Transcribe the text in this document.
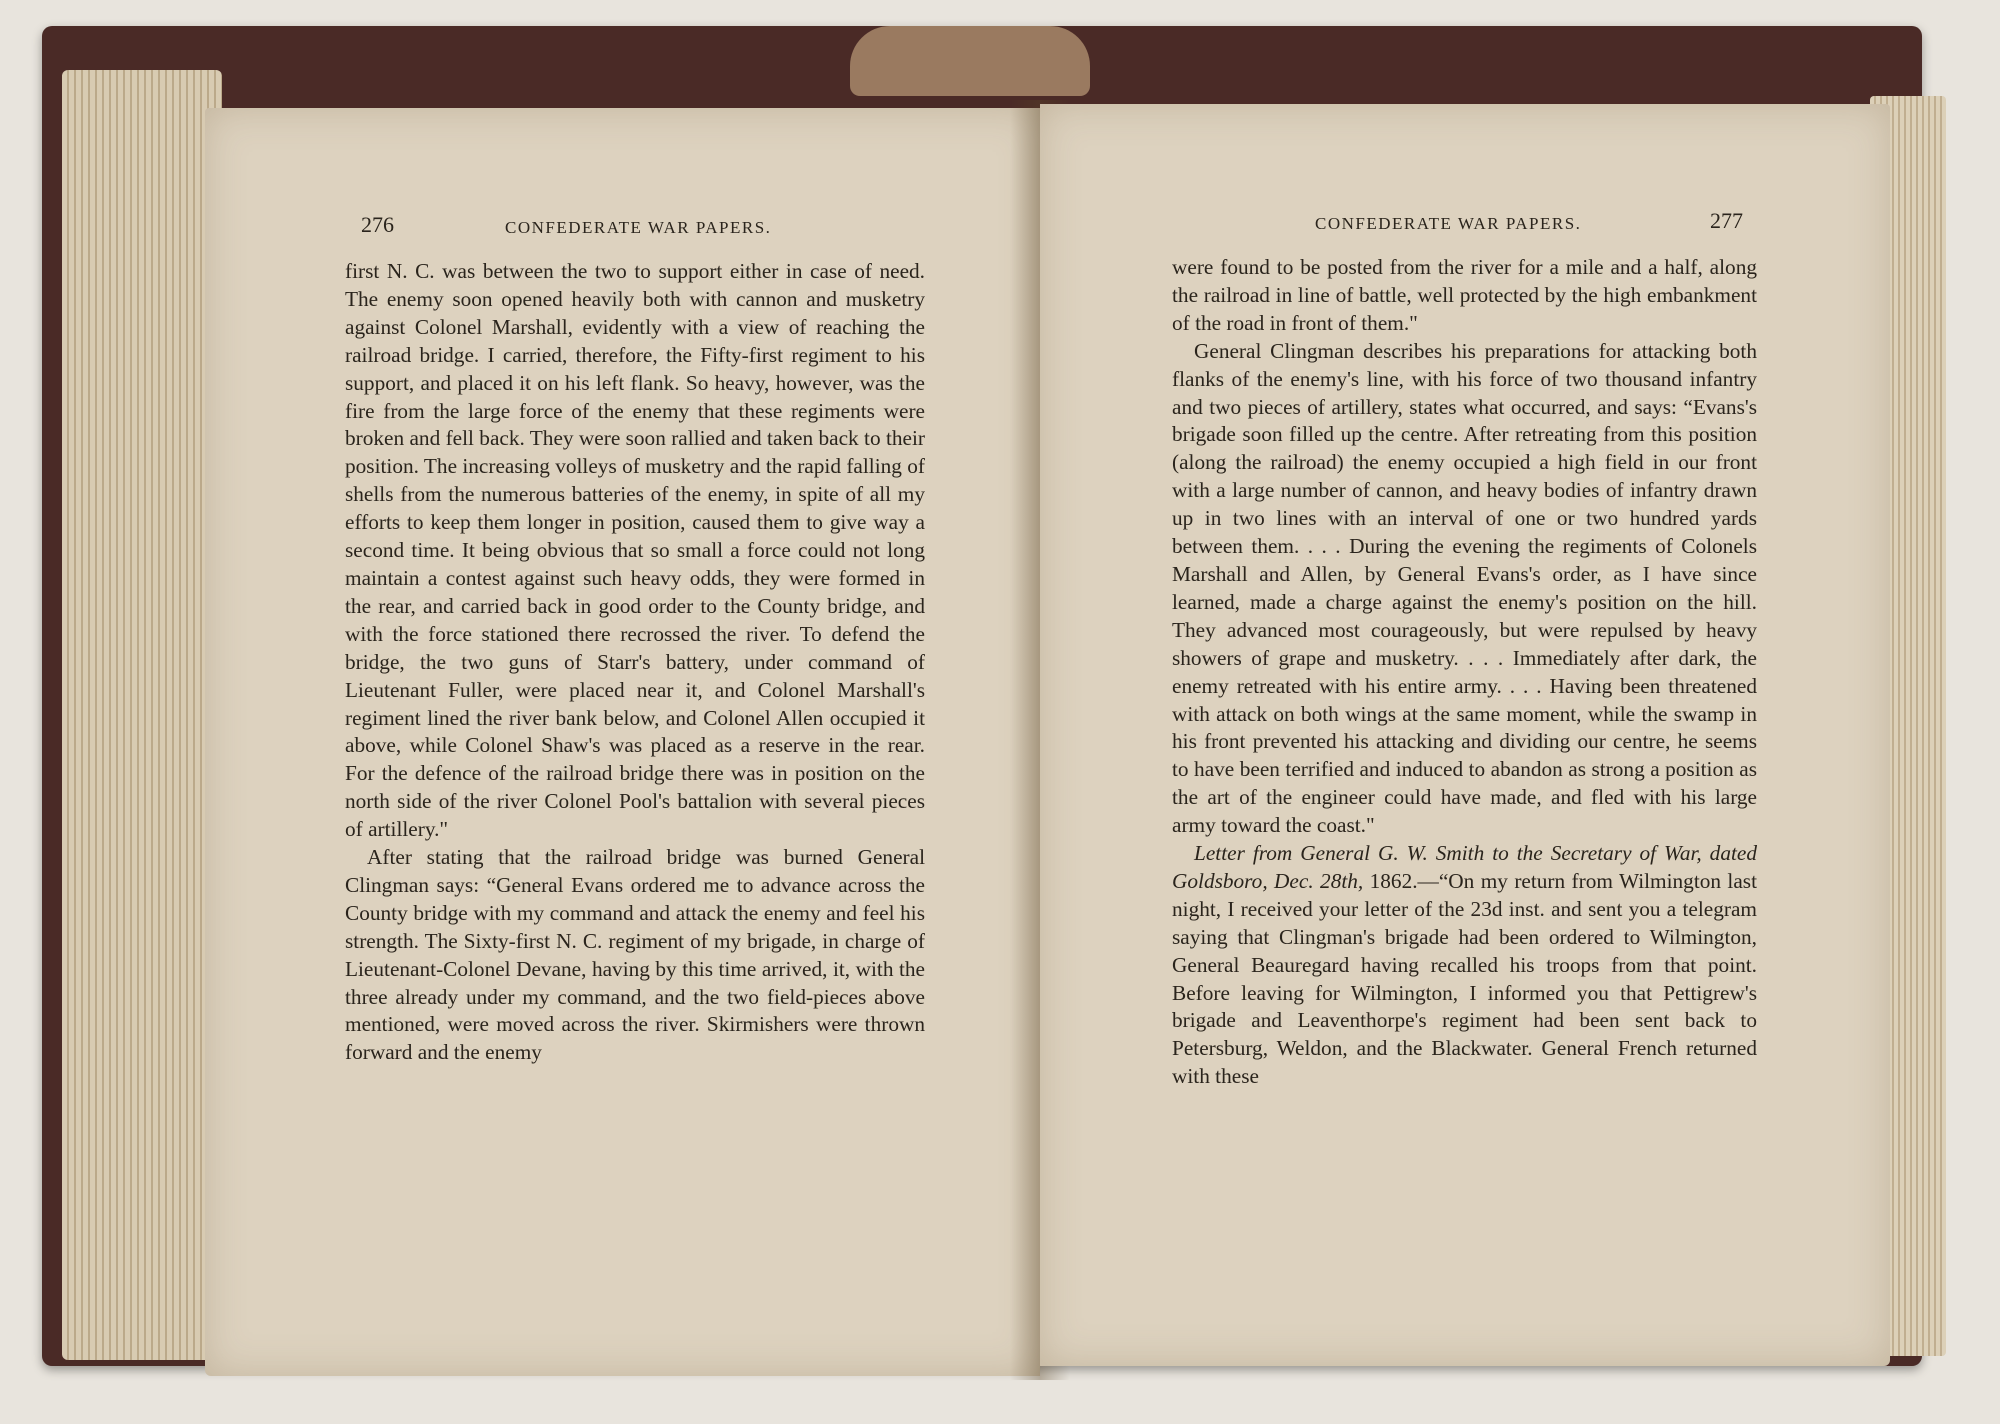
276	CONFEDERATE WAR PAPERS.

first N. C. was between the two to support either in case of need. The enemy soon opened heavily both with cannon and musketry against Colonel Marshall, evidently with a view of reaching the railroad bridge. I carried, therefore, the Fifty-first regiment to his support, and placed it on his left flank. So heavy, however, was the fire from the large force of the enemy that these regiments were broken and fell back. They were soon rallied and taken back to their position. The increasing volleys of musketry and the rapid falling of shells from the numerous batteries of the enemy, in spite of all my efforts to keep them longer in position, caused them to give way a second time. It being obvious that so small a force could not long maintain a contest against such heavy odds, they were formed in the rear, and carried back in good order to the County bridge, and with the force stationed there recrossed the river. To defend the bridge, the two guns of Starr's battery, under command of Lieutenant Fuller, were placed near it, and Colonel Marshall's regiment lined the river bank below, and Colonel Allen occupied it above, while Colonel Shaw's was placed as a reserve in the rear. For the defence of the railroad bridge there was in position on the north side of the river Colonel Pool's battalion with several pieces of artillery."

After stating that the railroad bridge was burned General Clingman says: “General Evans ordered me to advance across the County bridge with my command and attack the enemy and feel his strength. The Sixty-first N. C. regiment of my brigade, in charge of Lieutenant-Colonel Devane, having by this time arrived, it, with the three already under my command, and the two field-pieces above mentioned, were moved across the river. Skirmishers were thrown forward and the enemy

CONFEDERATE WAR PAPERS.	277

were found to be posted from the river for a mile and a half, along the railroad in line of battle, well protected by the high embankment of the road in front of them."

General Clingman describes his preparations for attacking both flanks of the enemy's line, with his force of two thousand infantry and two pieces of artillery, states what occurred, and says: “Evans's brigade soon filled up the centre. After retreating from this position (along the railroad) the enemy occupied a high field in our front with a large number of cannon, and heavy bodies of infantry drawn up in two lines with an interval of one or two hundred yards between them. . . . During the evening the regiments of Colonels Marshall and Allen, by General Evans's order, as I have since learned, made a charge against the enemy's position on the hill. They advanced most courageously, but were repulsed by heavy showers of grape and musketry. . . . Immediately after dark, the enemy retreated with his entire army. . . . Having been threatened with attack on both wings at the same moment, while the swamp in his front prevented his attacking and dividing our centre, he seems to have been terrified and induced to abandon as strong a position as the art of the engineer could have made, and fled with his large army toward the coast."

Letter from General G. W. Smith to the Secretary of War, dated Goldsboro, Dec. 28th, 1862.—“On my return from Wilmington last night, I received your letter of the 23d inst. and sent you a telegram saying that Clingman's brigade had been ordered to Wilmington, General Beauregard having recalled his troops from that point. Before leaving for Wilmington, I informed you that Pettigrew's brigade and Leaventhorpe's regiment had been sent back to Petersburg, Weldon, and the Blackwater. General French returned with these
